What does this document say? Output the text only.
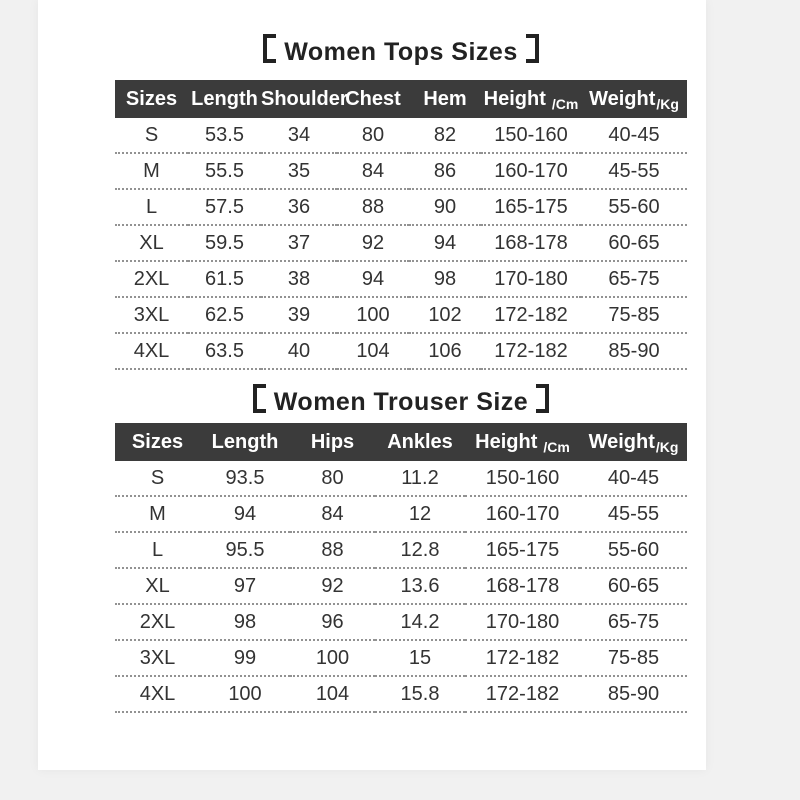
Women Tops Sizes
Sizes	Length	Shoulder	Chest	Hem	Height $_{/Cm}$	Weight$_{/Kg}$
S	53.5	34	80	82	150-160	40-45
M	55.5	35	84	86	160-170	45-55
L	57.5	36	88	90	165-175	55-60
XL	59.5	37	92	94	168-178	60-65
2XL	61.5	38	94	98	170-180	65-75
3XL	62.5	39	100	102	172-182	75-85
4XL	63.5	40	104	106	172-182	85-90
Women Trouser Size
Sizes	Length	Hips	Ankles	Height $_{/Cm}$	Weight$_{/Kg}$
S	93.5	80	11.2	150-160	40-45
M	94	84	12	160-170	45-55
L	95.5	88	12.8	165-175	55-60
XL	97	92	13.6	168-178	60-65
2XL	98	96	14.2	170-180	65-75
3XL	99	100	15	172-182	75-85
4XL	100	104	15.8	172-182	85-90
